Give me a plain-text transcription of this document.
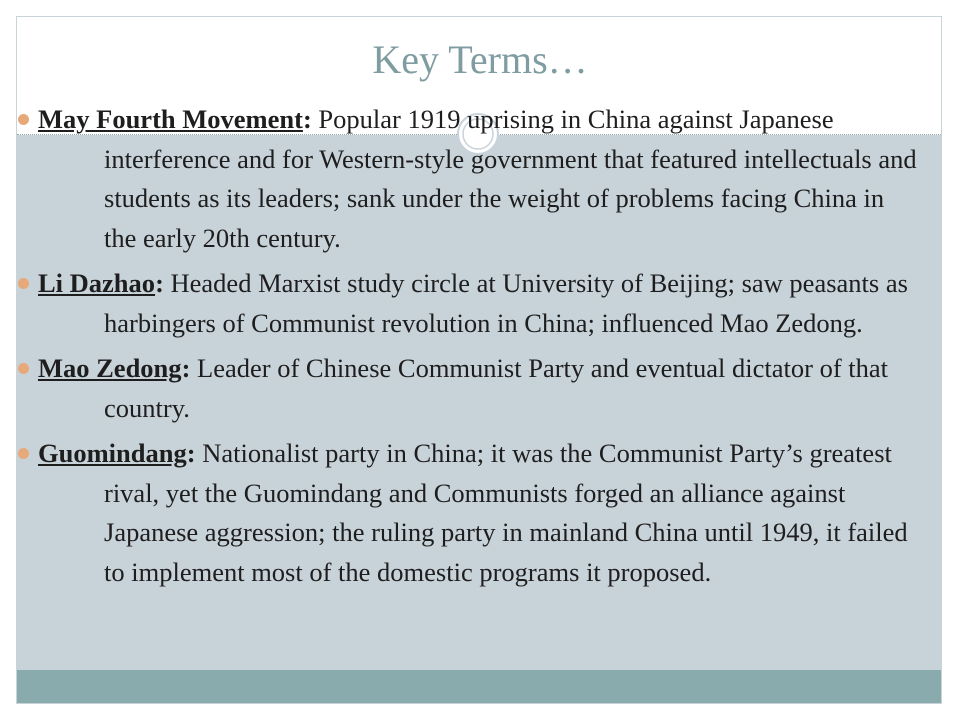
Key Terms…
May Fourth Movement: Popular 1919 uprising in China against Japanese interference and for Western-style government that featured intellectuals and students as its leaders; sank under the weight of problems facing China in the early 20th century.
Li Dazhao: Headed Marxist study circle at University of Beijing; saw peasants as harbingers of Communist revolution in China; influenced Mao Zedong.
Mao Zedong: Leader of Chinese Communist Party and eventual dictator of that country.
Guomindang: Nationalist party in China; it was the Communist Party’s greatest rival, yet the Guomindang and Communists forged an alliance against Japanese aggression; the ruling party in mainland China until 1949, it failed to implement most of the domestic programs it proposed.
